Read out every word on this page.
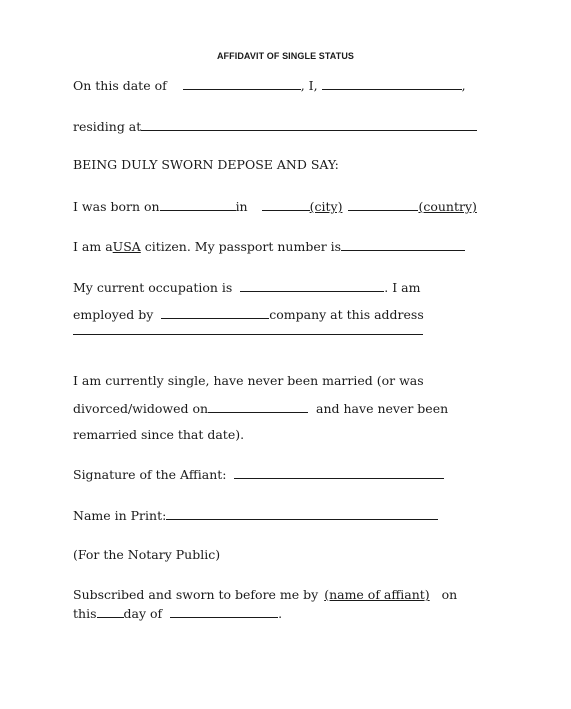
AFFIDAVIT OF SINGLE STATUS
On this date of	, I,	,
residing at
BEING DULY SWORN DEPOSE AND SAY:
I was born on	in	(city)	(country)
I am aUSA citizen. My passport number is
My current occupation is	. I am
employed by	company at this address
I am currently single, have never been married (or was
divorced/widowed on	and have never been
remarried since that date).
Signature of the Affiant:
Name in Print:
(For the Notary Public)
Subscribed and sworn to before me by (name of affiant) on
this day of	.
